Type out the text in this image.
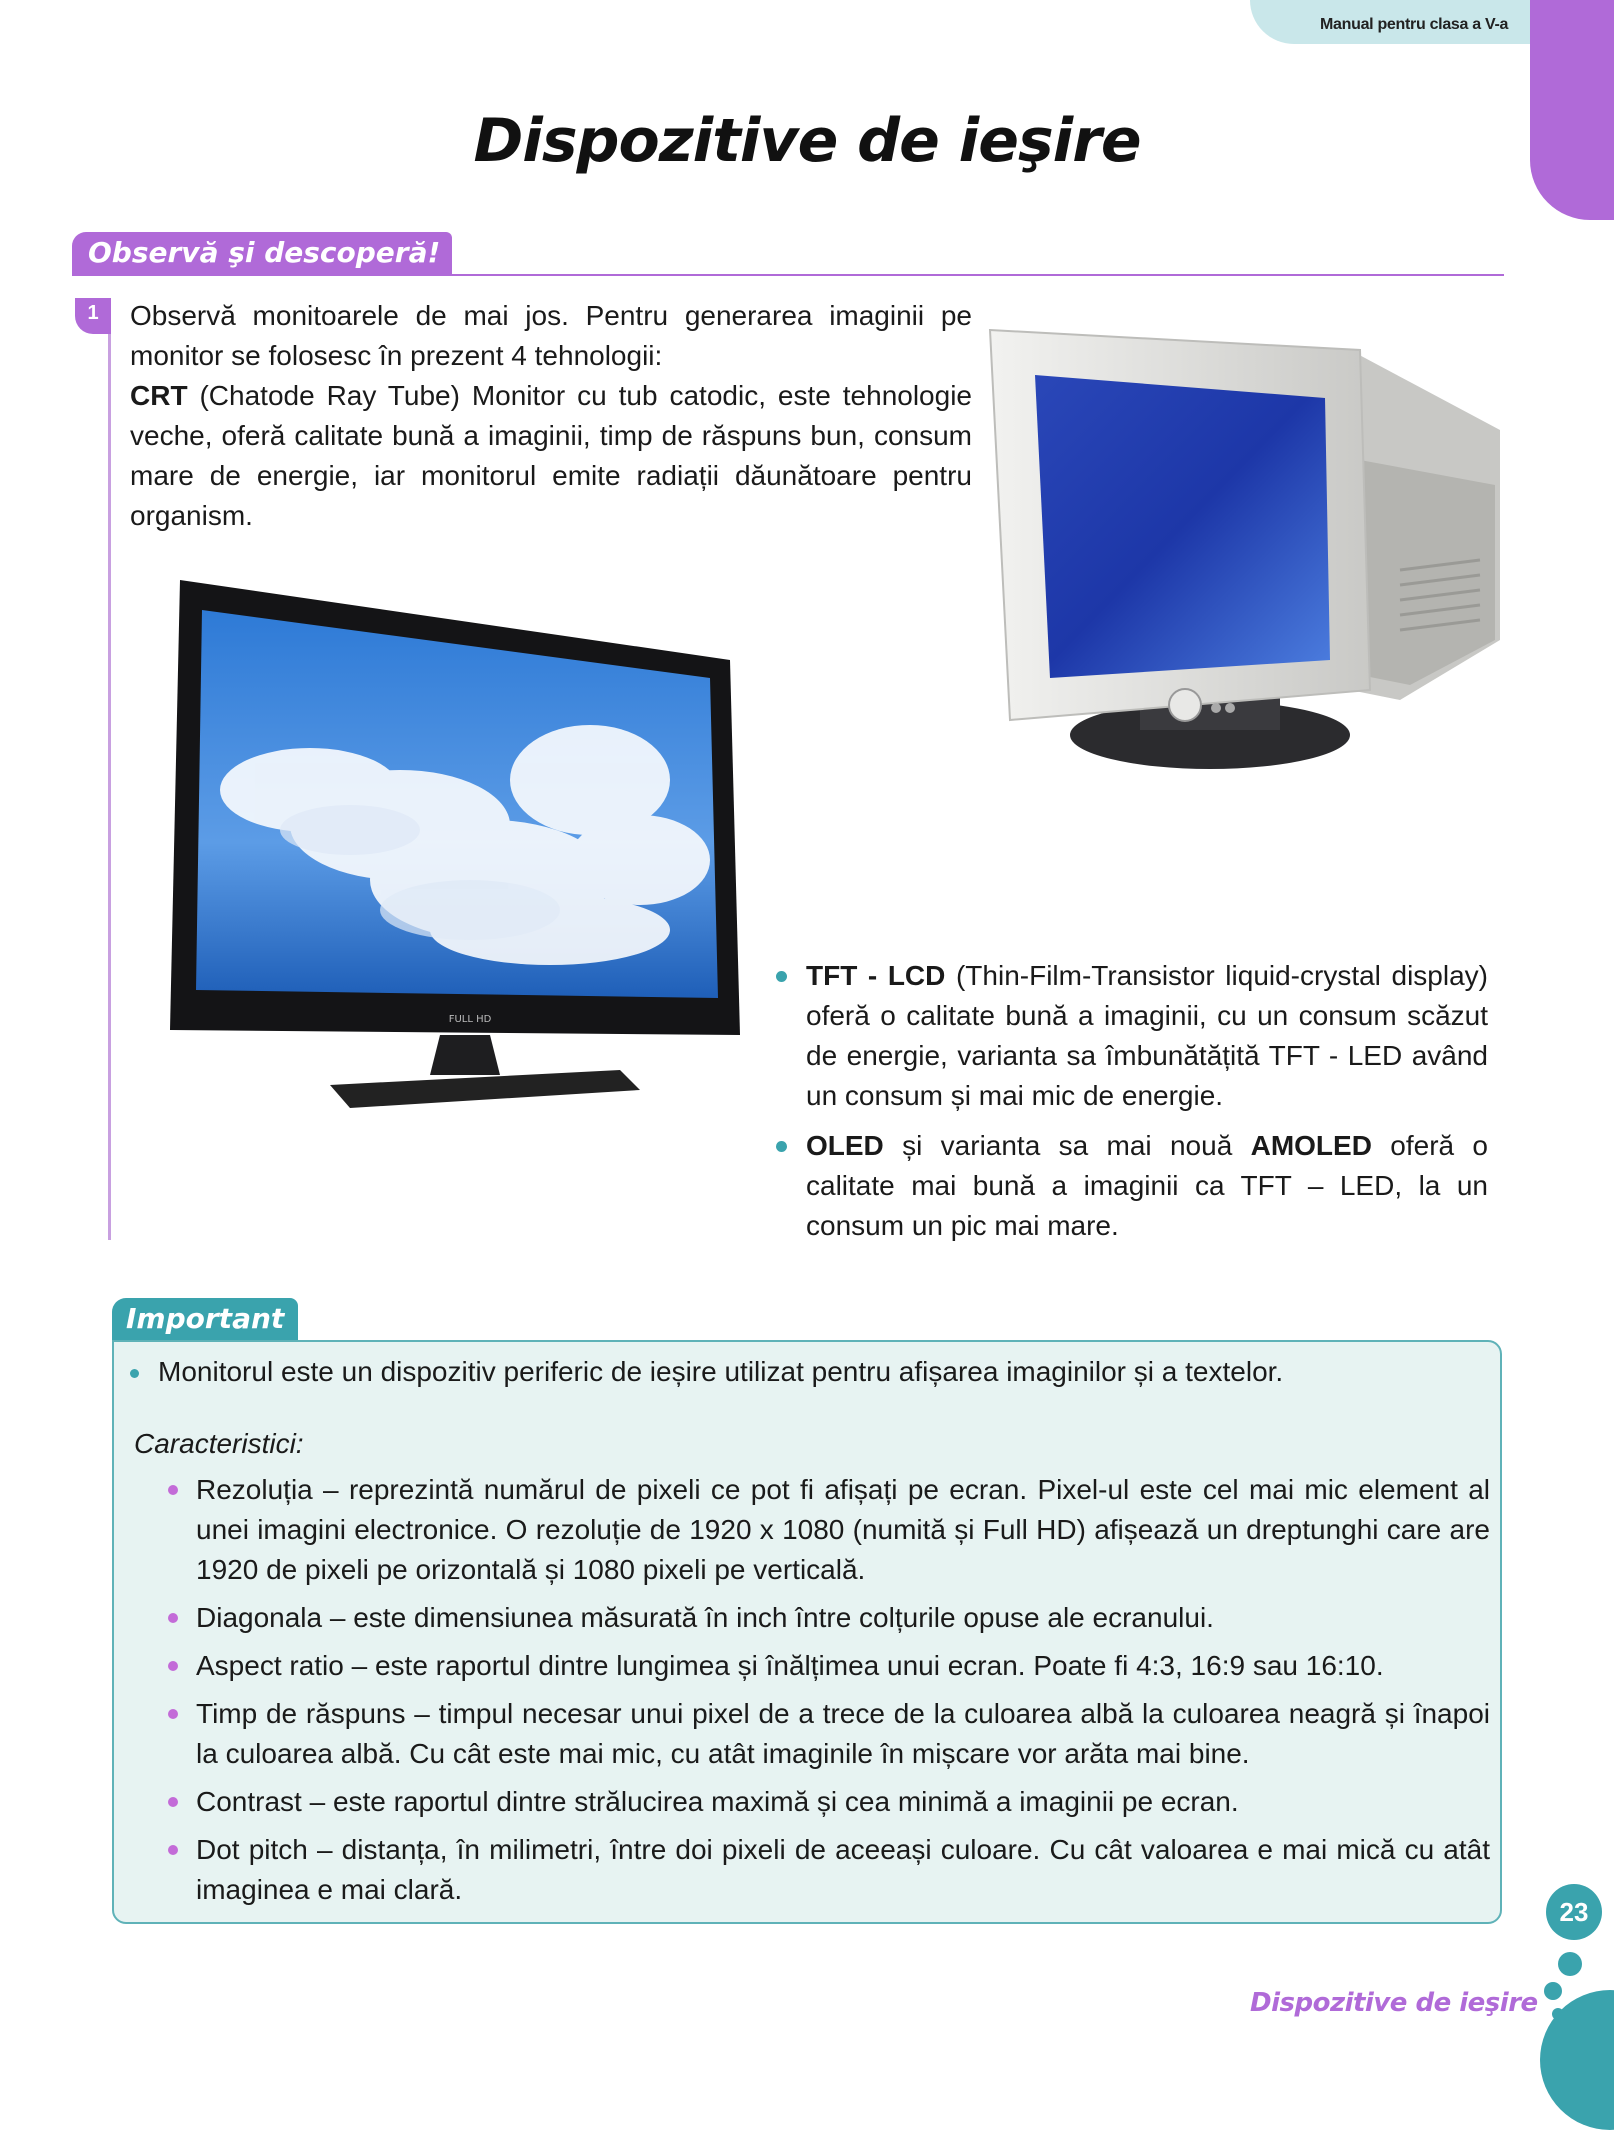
Manual pentru clasa a V-a 1
Dispozitive de ieşire
Observă şi descoperă!
1	Observă monitoarele de mai jos. Pentru generarea imaginii pe monitor se folosesc în prezent 4 tehnologii:
CRT (Chatode Ray Tube) Monitor cu tub catodic, este tehnologie veche, oferă calitate bună a imaginii, timp de răspuns bun, consum mare de energie, iar monitorul emite radiații dăunătoare pentru organism.
FULL HD
TFT - LCD (Thin-Film-Transistor liquid-crystal display) oferă o calitate bună a imaginii, cu un consum scăzut de energie, varianta sa îmbunătățită TFT - LED având un consum și mai mic de energie.
OLED și varianta sa mai nouă AMOLED oferă o calitate mai bună a imaginii ca TFT – LED, la un consum un pic mai mare.
Important
Monitorul este un dispozitiv periferic de ieșire utilizat pentru afișarea imaginilor și a textelor.
Caracteristici:
Rezoluția – reprezintă numărul de pixeli ce pot fi afișați pe ecran. Pixel-ul este cel mai mic element al unei imagini electronice. O rezoluție de 1920 x 1080 (numită și Full HD) afișează un dreptunghi care are 1920 de pixeli pe orizontală și 1080 pixeli pe verticală.
Diagonala – este dimensiunea măsurată în inch între colțurile opuse ale ecranului.
Aspect ratio – este raportul dintre lungimea și înălțimea unui ecran. Poate fi 4:3, 16:9 sau 16:10.
Timp de răspuns – timpul necesar unui pixel de a trece de la culoarea albă la culoarea neagră și înapoi la culoarea albă. Cu cât este mai mic, cu atât imaginile în mișcare vor arăta mai bine.
Contrast – este raportul dintre strălucirea maximă și cea minimă a imaginii pe ecran.
Dot pitch – distanța, în milimetri, între doi pixeli de aceeași culoare. Cu cât valoarea e mai mică cu atât imaginea e mai clară.
23
Dispozitive de ieşire
